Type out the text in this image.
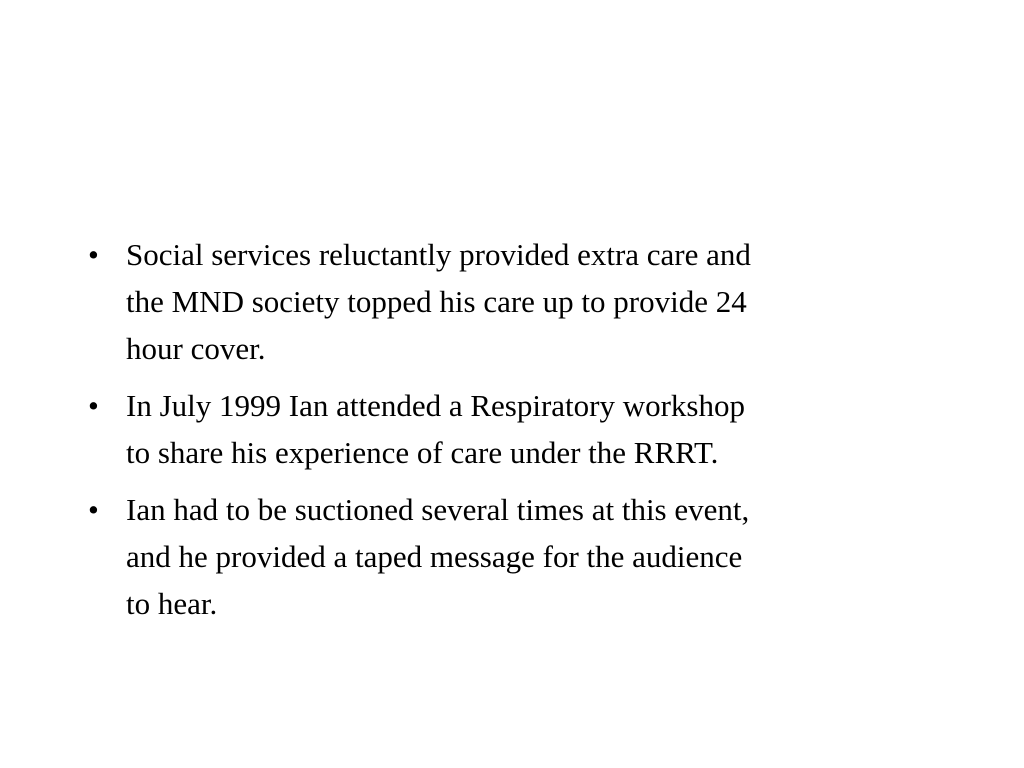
• Social services reluctantly provided extra care and
the MND society topped his care up to provide 24
hour cover.
• In July 1999 Ian attended a Respiratory workshop
to share his experience of care under the RRRT.
• Ian had to be suctioned several times at this event,
and he provided a taped message for the audience
to hear.
